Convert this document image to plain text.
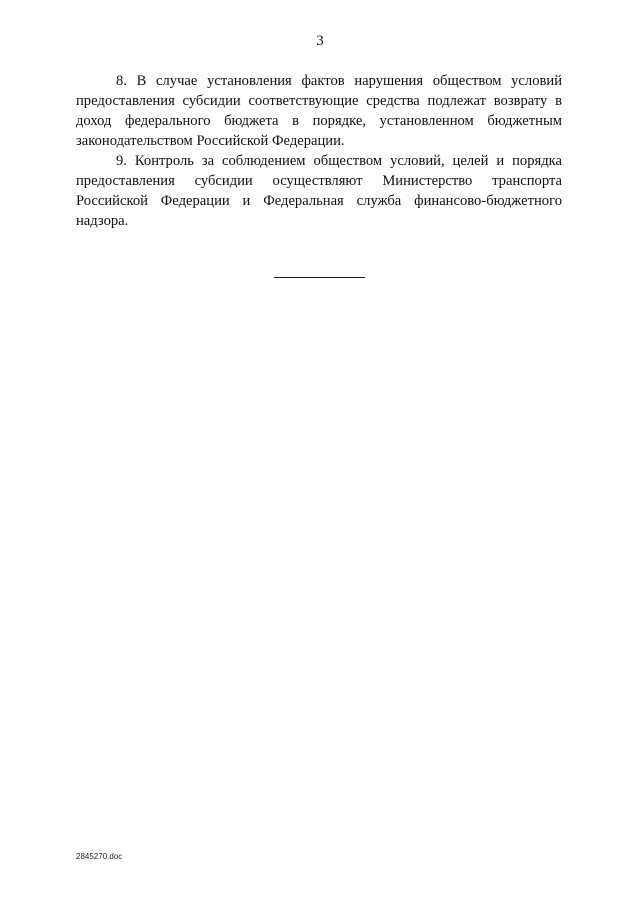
3

8. В случае установления фактов нарушения обществом условий предоставления субсидии соответствующие средства подлежат возврату в доход федерального бюджета в порядке, установленном бюджетным законодательством Российской Федерации.

9. Контроль за соблюдением обществом условий, целей и порядка предоставления субсидии осуществляют Министерство транспорта Российской Федерации и Федеральная служба финансово-бюджетного надзора.

2845270.doc
